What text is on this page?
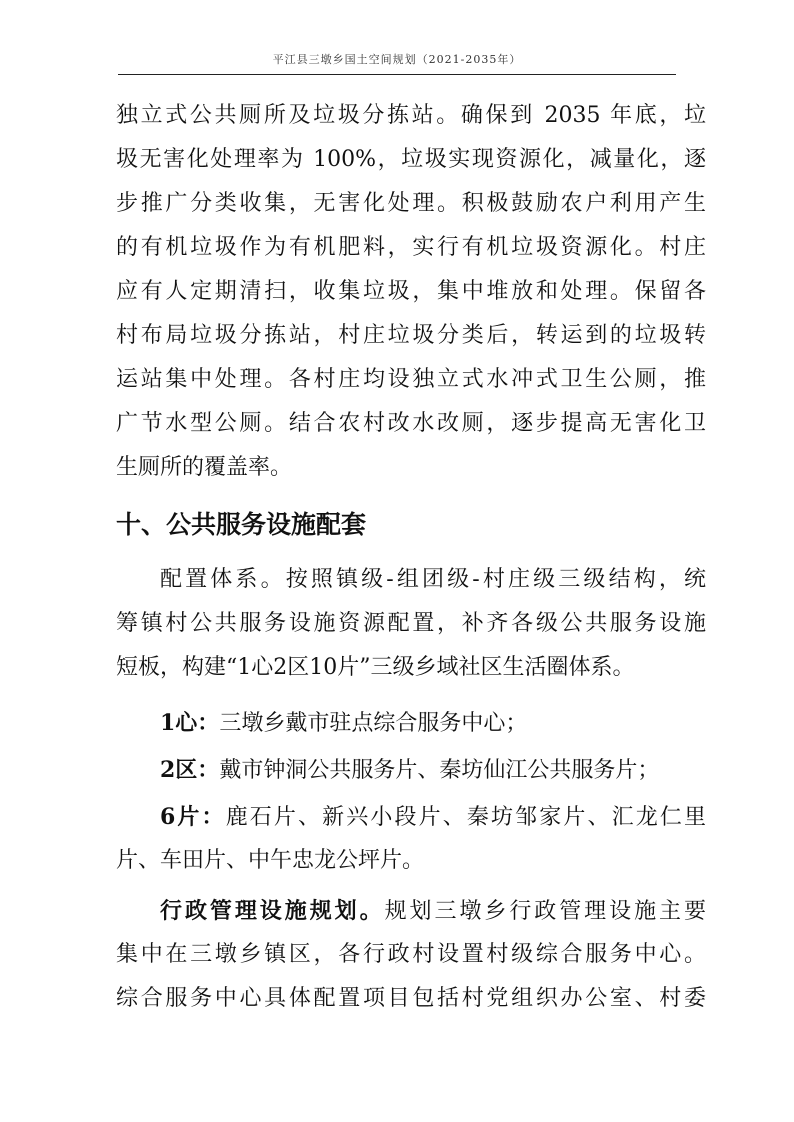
平江县三墩乡国土空间规划（2021-2035年）
独立式公共厕所及垃圾分拣站。确保到 2035 年底，垃
圾无害化处理率为 100%，垃圾实现资源化，减量化，逐
步推广分类收集，无害化处理。积极鼓励农户利用产生
的有机垃圾作为有机肥料，实行有机垃圾资源化。村庄
应有人定期清扫，收集垃圾，集中堆放和处理。保留各
村布局垃圾分拣站，村庄垃圾分类后，转运到的垃圾转
运站集中处理。各村庄均设独立式水冲式卫生公厕，推
广节水型公厕。结合农村改水改厕，逐步提高无害化卫
生厕所的覆盖率。
十、公共服务设施配套
配置体系。按照镇级-组团级-村庄级三级结构，统
筹镇村公共服务设施资源配置，补齐各级公共服务设施
短板，构建“1心2区10片”三级乡域社区生活圈体系。
1心：三墩乡戴市驻点综合服务中心；
2区：戴市钟洞公共服务片、秦坊仙江公共服务片；
6片：鹿石片、新兴小段片、秦坊邹家片、汇龙仁里
片、车田片、中午忠龙公坪片。
行政管理设施规划。规划三墩乡行政管理设施主要
集中在三墩乡镇区，各行政村设置村级综合服务中心。
综合服务中心具体配置项目包括村党组织办公室、村委
